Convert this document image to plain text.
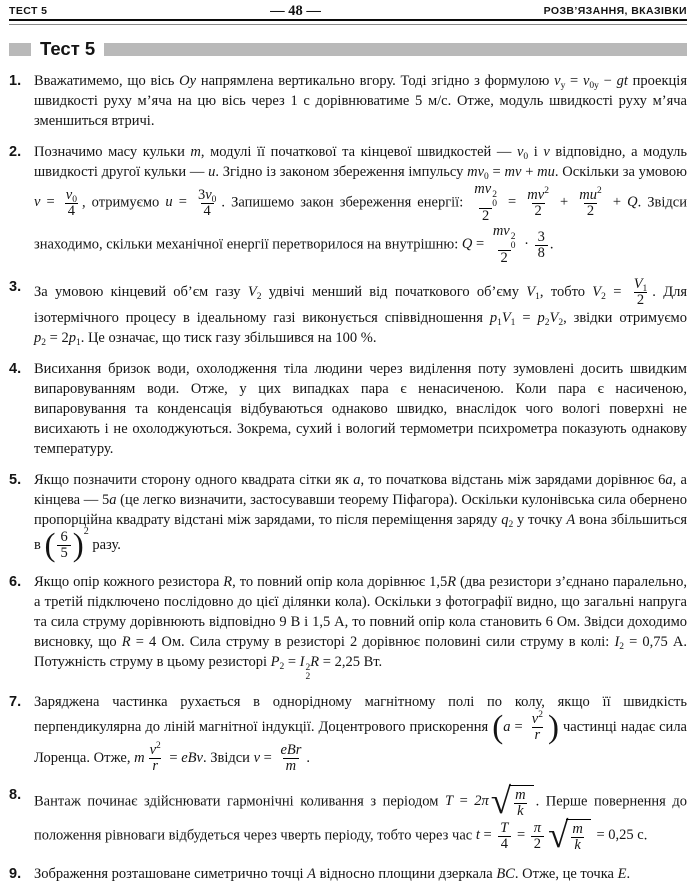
ТЕСТ 5	— 48 —	РОЗВ’ЯЗАННЯ, ВКАЗІВКИ
Тест 5
1. Вважатимемо, що вісь Oy напрямлена вертикально вгору. Тоді згідно з формулою $v_y = v_{0y}$ − gt проекція швидкості руху м’яча на цю вісь через 1 с дорівнюватиме 5 м/с. Отже, модуль швидкості руху м’яча зменшиться втричі.
2. Позначимо масу кульки m, модулі її початкової та кінцевої швидкостей — $v_0$ і v відповідно, а модуль швидкості другої кульки — u. Згідно із законом збереження імпульсу $mv_0$ = mv + mu. Оскільки за умовою $v = \frac{v_0}{4}$ , отримуємо $u = \frac{3v_0}{4}$ . Запишемо закон збереження енергії: mv 2
0
$2 = \frac{mv^2}{2} + \frac{mu^2}{2} + Q$. Звідси знаходимо, скільки механічної енергії перетворилося на внутрішню: Q = mv 2
0
$2 \cdot \frac{3}{8}$ .
3. За умовою кінцевий об’єм газу $V_2$ удвічі менший від початкового об’єму $V_1$, тобто $V_2 = \frac{V_1}{2}$ . Для ізотермічного процесу в ідеальному газі виконується співвідношення $p_1V_1 = p_2V_2$, звідки отримуємо $p_2 = 2p_1$. Це означає, що тиск газу збільшився на 100 %.
4. Висихання бризок води, охолодження тіла людини через виділення поту зумовлені досить швидким випаровуванням води. Отже, у цих випадках пара є ненасиченою. Коли пара є насиченою, випаровування та конденсація відбуваються однаково швидко, внаслідок чого вологі поверхні не висихають і не охолоджуються. Зокрема, сухий і вологий термометри психрометра показують однакову температуру.
5. Якщо позначити сторону одного квадрата сітки як a, то початкова відстань між зарядами дорівнює 6a, а кінцева — 5a (це легко визначити, застосувавши теорему Піфагора). Оскільки кулонівська сила обернено пропорційна квадрату відстані між зарядами, то після переміщення заряду $q_2$ у точку A вона збільшиться в ( $\frac{6}{5} )^2$ разу.
6. Якщо опір кожного резистора R, то повний опір кола дорівнює 1,5R (два резистори з’єднано паралельно, а третій підключено послідовно до цієї ділянки кола). Оскільки з фотографії видно, що загальні напруга та сила струму дорівнюють відповідно 9 В і 1,5 А, то повний опір кола становить 6 Ом. Звідси доходимо висновку, що R = 4 Ом. Сила струму в резисторі 2 дорівнює половині сили струму в колі: $I_2 = 0,75$ А. Потужність струму в цьому резисторі $P_2 = I$ 2
2
R = 2,25 Вт.
7. Заряджена частинка рухається в однорідному магнітному полі по колу, якщо її швидкість перпендикулярна до ліній магнітної індукції. Доцентрового прискорення ($a = \frac{v^2}{r}$ ) частинці надає сила Лоренца. Отже, m $\frac{v^2}{r}$ = eBv. Звідси $v = \frac{\text{eBr}}{m}$ .
8. Вантаж починає здійснювати гармонічні коливання з періодом T = 2π √ $\frac{m}{k}$ . Перше повернення до положення рівноваги відбудеться через чверть періоду, тобто через час $t = \frac{T}{4} = \frac{\pi}{2}$ √ $\frac{m}{k} = 0,25$ с.
9. Зображення розташоване симетрично точці A відносно площини дзеркала BC. Отже, це точка E.
